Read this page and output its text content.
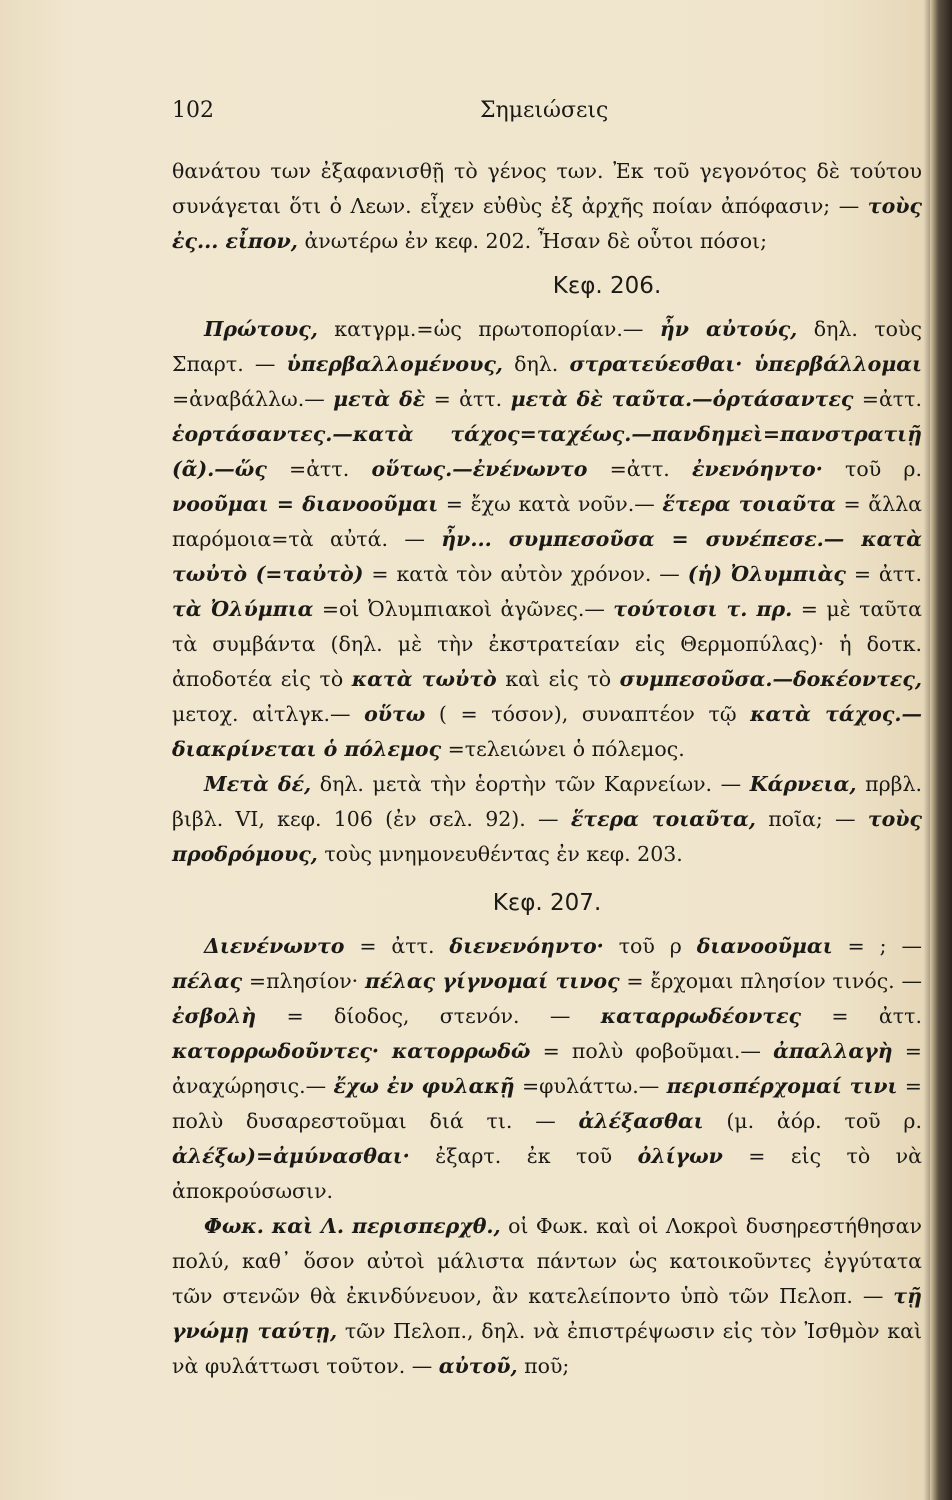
102	Σημειώσεις

θανάτου των ἐξαφανισθῇ τὸ γένος των. Ἐκ τοῦ γεγονότος δὲ τούτου συνάγεται ὅτι ὁ Λεων. εἶχεν εὐθὺς ἐξ ἀρχῆς ποίαν ἀπόφασιν; — τοὺς ἐς... εἶπον, ἀνωτέρω ἐν κεφ. 202. Ἦσαν δὲ οὗτοι πόσοι;

Κεφ. 206.

Πρώτους, κατγρμ.=ὡς πρωτοπορίαν.— ἦν αὐτούς, δηλ. τοὺς Σπαρτ. — ὑπερβαλλομένους, δηλ. στρατεύεσθαι· ὑπερβάλλομαι =ἀναβάλλω.— μετὰ δὲ = ἀττ. μετὰ δὲ ταῦτα.—ὁρτάσαντες =ἀττ. ἑορτάσαντες.—κατὰ τάχος=ταχέως.—πανδημεὶ=πανστρατιῇ (ᾶ).—ὥς =ἀττ. οὕτως.—ἐνένωντο =ἀττ. ἐνενόηντο· τοῦ ρ. νοοῦμαι = διανοοῦμαι = ἔχω κατὰ νοῦν.— ἕτερα τοιαῦτα = ἄλλα παρόμοια=τὰ αὐτά. — ἦν... συμπεσοῦσα = συνέπεσε.— κατὰ τωὐτὸ (=ταὐτὸ) = κατὰ τὸν αὐτὸν χρόνον. — (ἡ) Ὀλυμπιὰς = ἀττ. τὰ Ὀλύμπια =οἱ Ὀλυμπιακοὶ ἀγῶνες.— τούτοισι τ. πρ. = μὲ ταῦτα τὰ συμβάντα (δηλ. μὲ τὴν ἐκστρατείαν εἰς Θερμοπύλας)· ἡ δοτκ. ἀποδοτέα εἰς τὸ κατὰ τωὐτὸ καὶ εἰς τὸ συμπεσοῦσα.—δοκέοντες, μετοχ. αἰτλγκ.— οὕτω ( = τόσον), συναπτέον τῷ κατὰ τάχος.—διακρίνεται ὁ πόλεμος =τελειώνει ὁ πόλεμος.

Μετὰ δέ, δηλ. μετὰ τὴν ἑορτὴν τῶν Καρνείων. — Κάρνεια, πρβλ. βιβλ. VI, κεφ. 106 (ἐν σελ. 92). — ἕτερα τοιαῦτα, ποῖα; — τοὺς προδρόμους, τοὺς μνημονευθέντας ἐν κεφ. 203.

Κεφ. 207.

Διενένωντο = ἀττ. διενενόηντο· τοῦ ρ διανοοῦμαι = ; — πέλας =πλησίον· πέλας γίγνομαί τινος = ἔρχομαι πλησίον τινός. — ἐσβολὴ = δίοδος, στενόν. — καταρρωδέοντες = ἀττ. κατορρωδοῦντες· κατορρωδῶ = πολὺ φοβοῦμαι.— ἀπαλλαγὴ = ἀναχώρησις.— ἔχω ἐν φυλακῇ =φυλάττω.— περισπέρχομαί τινι = πολὺ δυσαρεστοῦμαι διά τι. — ἀλέξασθαι (μ. ἀόρ. τοῦ ρ. ἀλέξω)=ἀμύνασθαι· ἐξαρτ. ἐκ τοῦ ὀλίγων = εἰς τὸ νὰ ἀποκρούσωσιν.

Φωκ. καὶ Λ. περισπερχθ., οἱ Φωκ. καὶ οἱ Λοκροὶ δυσηρεστήθησαν πολύ, καθ᾽ ὅσον αὐτοὶ μάλιστα πάντων ὡς κατοικοῦντες ἐγγύτατα τῶν στενῶν θὰ ἐκινδύνευον, ἂν κατελείποντο ὑπὸ τῶν Πελοπ. — τῇ γνώμῃ ταύτῃ, τῶν Πελοπ., δηλ. νὰ ἐπιστρέψωσιν εἰς τὸν Ἰσθμὸν καὶ νὰ φυλάττωσι τοῦτον. — αὐτοῦ, ποῦ;
